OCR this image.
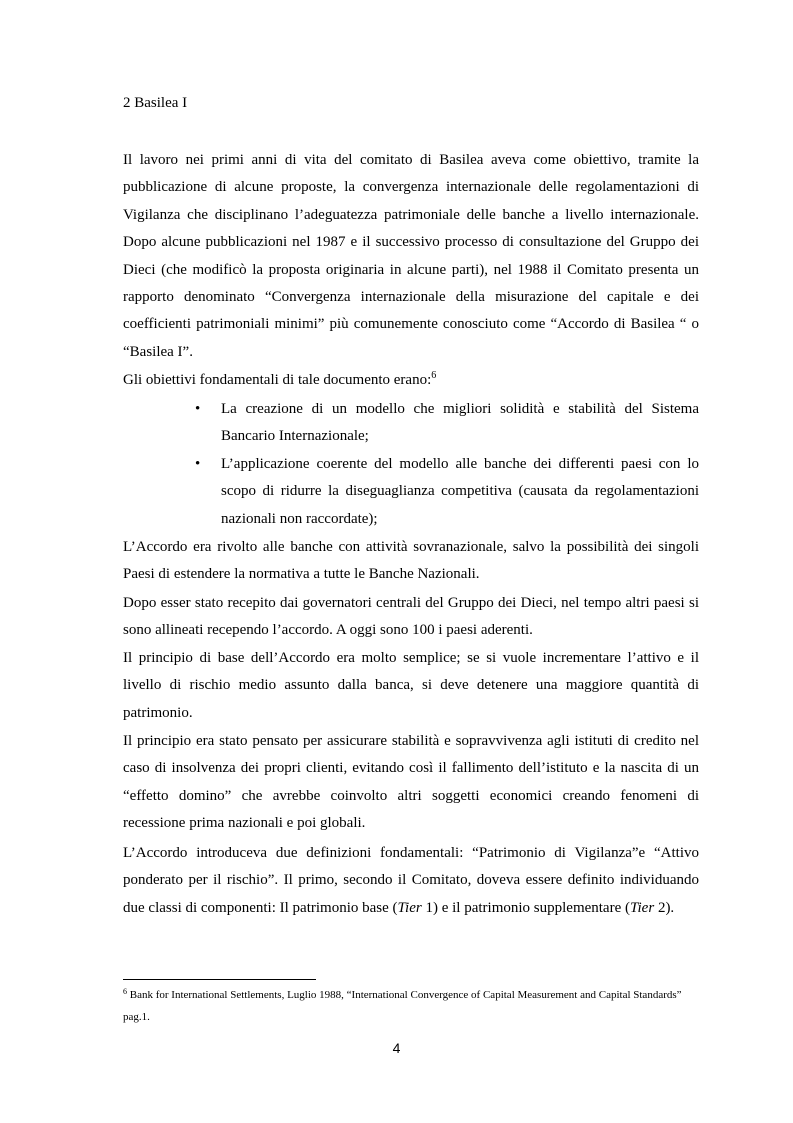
2 Basilea I

Il lavoro nei primi anni di vita del comitato di Basilea aveva come obiettivo, tramite la pubblicazione di alcune proposte, la convergenza internazionale delle regolamentazioni di Vigilanza che disciplinano l’adeguatezza patrimoniale delle banche a livello internazionale. Dopo alcune pubblicazioni nel 1987 e il successivo processo di consultazione del Gruppo dei Dieci (che modificò la proposta originaria in alcune parti), nel 1988 il Comitato presenta un rapporto denominato “Convergenza internazionale della misurazione del capitale e dei coefficienti patrimoniali minimi” più comunemente conosciuto come “Accordo di Basilea “ o “Basilea I”.

Gli obiettivi fondamentali di tale documento erano:$^6$

• La creazione di un modello che migliori solidità e stabilità del Sistema Bancario Internazionale;
• L’applicazione coerente del modello alle banche dei differenti paesi con lo scopo di ridurre la diseguaglianza competitiva (causata da regolamentazioni nazionali non raccordate);

L’Accordo era rivolto alle banche con attività sovranazionale, salvo la possibilità dei singoli Paesi di estendere la normativa a tutte le Banche Nazionali.

Dopo esser stato recepito dai governatori centrali del Gruppo dei Dieci, nel tempo altri paesi si sono allineati recependo l’accordo. A oggi sono 100 i paesi aderenti.

Il principio di base dell’Accordo era molto semplice; se si vuole incrementare l’attivo e il livello di rischio medio assunto dalla banca, si deve detenere una maggiore quantità di patrimonio.

Il principio era stato pensato per assicurare stabilità e sopravvivenza agli istituti di credito nel caso di insolvenza dei propri clienti, evitando così il fallimento dell’istituto e la nascita di un “effetto domino” che avrebbe coinvolto altri soggetti economici creando fenomeni di recessione prima nazionali e poi globali.

L’Accordo introduceva due definizioni fondamentali: “Patrimonio di Vigilanza”e “Attivo ponderato per il rischio”. Il primo, secondo il Comitato, doveva essere definito individuando due classi di componenti: Il patrimonio base (Tier 1) e il patrimonio supplementare (Tier 2).

$^6$ Bank for International Settlements, Luglio 1988, “International Convergence of Capital Measurement and Capital Standards” pag.1.

4
